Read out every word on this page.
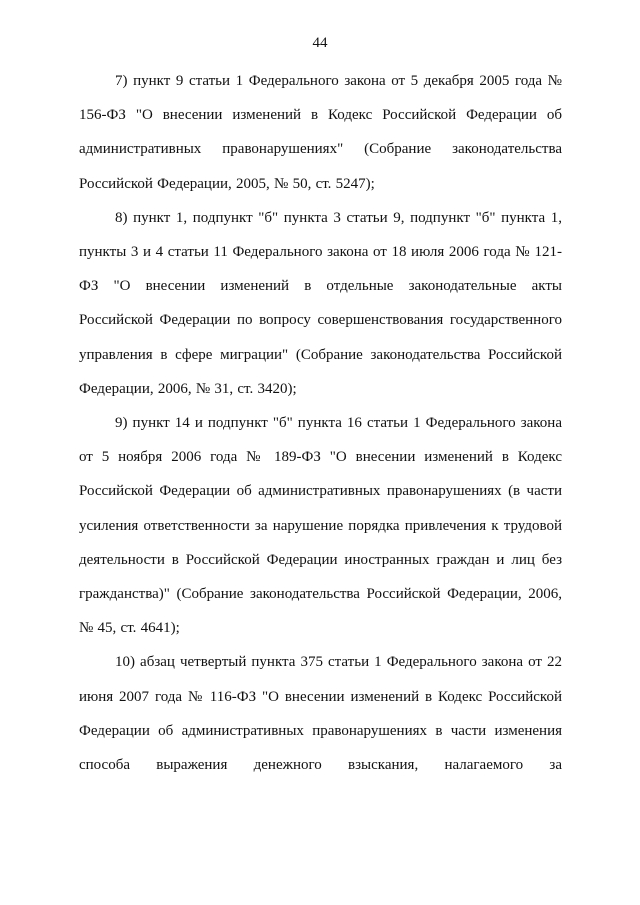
44

7) пункт 9 статьи 1 Федерального закона от 5 декабря 2005 года № 156-ФЗ "О внесении изменений в Кодекс Российской Федерации об административных правонарушениях" (Собрание законодательства Российской Федерации, 2005, № 50, ст. 5247);

8) пункт 1, подпункт "б" пункта 3 статьи 9, подпункт "б" пункта 1, пункты 3 и 4 статьи 11 Федерального закона от 18 июля 2006 года № 121-ФЗ "О внесении изменений в отдельные законодательные акты Российской Федерации по вопросу совершенствования государственного управления в сфере миграции" (Собрание законодательства Российской Федерации, 2006, № 31, ст. 3420);

9) пункт 14 и подпункт "б" пункта 16 статьи 1 Федерального закона от 5 ноября 2006 года № 189-ФЗ "О внесении изменений в Кодекс Российской Федерации об административных правонарушениях (в части усиления ответственности за нарушение порядка привлечения к трудовой деятельности в Российской Федерации иностранных граждан и лиц без гражданства)" (Собрание законодательства Российской Федерации, 2006, № 45, ст. 4641);

10) абзац четвертый пункта 375 статьи 1 Федерального закона от 22 июня 2007 года № 116-ФЗ "О внесении изменений в Кодекс Российской Федерации об административных правонарушениях в части изменения способа выражения денежного взыскания, налагаемого за
